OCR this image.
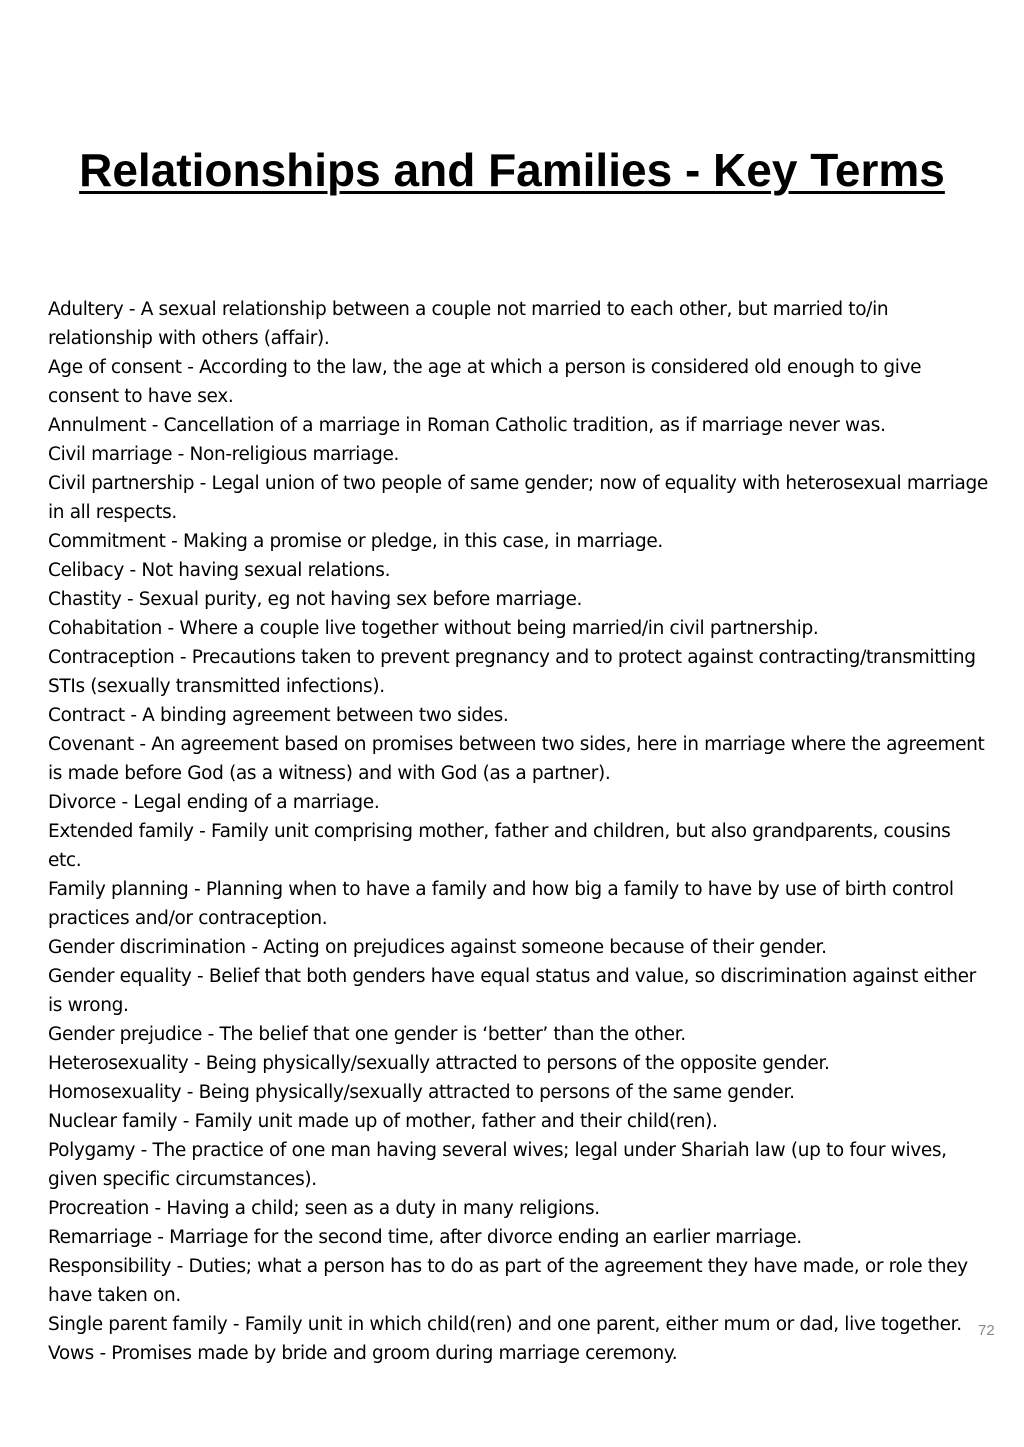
Relationships and Families - Key Terms
Adultery - A sexual relationship between a couple not married to each other, but married to/in relationship with others (affair).
Age of consent - According to the law, the age at which a person is considered old enough to give consent to have sex.
Annulment - Cancellation of a marriage in Roman Catholic tradition, as if marriage never was.
Civil marriage - Non-religious marriage.
Civil partnership - Legal union of two people of same gender; now of equality with heterosexual marriage in all respects.
Commitment - Making a promise or pledge, in this case, in marriage.
Celibacy - Not having sexual relations.
Chastity - Sexual purity, eg not having sex before marriage.
Cohabitation - Where a couple live together without being married/in civil partnership.
Contraception - Precautions taken to prevent pregnancy and to protect against contracting/transmitting STIs (sexually transmitted infections).
Contract - A binding agreement between two sides.
Covenant - An agreement based on promises between two sides, here in marriage where the agreement is made before God (as a witness) and with God (as a partner).
Divorce - Legal ending of a marriage.
Extended family - Family unit comprising mother, father and children, but also grandparents, cousins etc.
Family planning - Planning when to have a family and how big a family to have by use of birth control practices and/or contraception.
Gender discrimination - Acting on prejudices against someone because of their gender.
Gender equality - Belief that both genders have equal status and value, so discrimination against either is wrong.
Gender prejudice - The belief that one gender is ‘better’ than the other.
Heterosexuality - Being physically/sexually attracted to persons of the opposite gender.
Homosexuality - Being physically/sexually attracted to persons of the same gender.
Nuclear family - Family unit made up of mother, father and their child(ren).
Polygamy - The practice of one man having several wives; legal under Shariah law (up to four wives, given specific circumstances).
Procreation - Having a child; seen as a duty in many religions.
Remarriage - Marriage for the second time, after divorce ending an earlier marriage.
Responsibility - Duties; what a person has to do as part of the agreement they have made, or role they have taken on.
Single parent family - Family unit in which child(ren) and one parent, either mum or dad, live together.
Vows - Promises made by bride and groom during marriage ceremony.
72
